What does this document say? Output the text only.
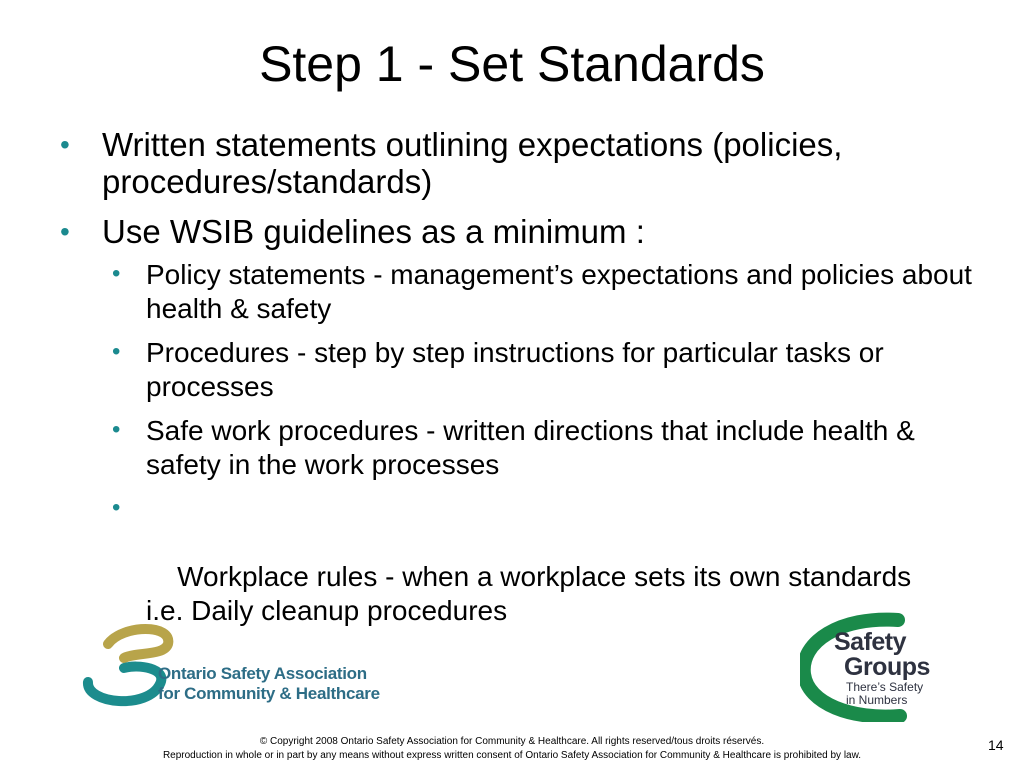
Step 1 - Set Standards
• Written statements outlining expectations (policies, procedures/standards)
• Use WSIB guidelines as a minimum :
• Policy statements - management’s expectations and policies about health & safety
• Procedures - step by step instructions for particular tasks or processes
• Safe work procedures - written directions that include health & safety in the work processes

•

Workplace rules - when a workplace sets its own standards    i.e. Daily cleanup procedures

Ontario Safety Association
for Community & Healthcare
Safety
Groups
There’s Safety
in Numbers
© Copyright 2008 Ontario Safety Association for Community & Healthcare. All rights reserved/tous droits réservés.
Reproduction in whole or in part by any means without express written consent of Ontario Safety Association for Community & Healthcare is prohibited by law.
14
